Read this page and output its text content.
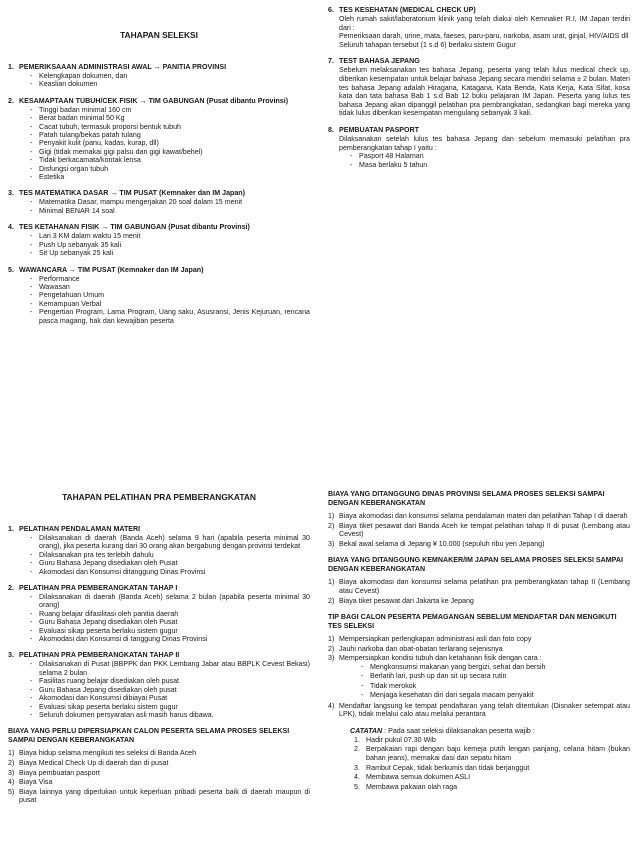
TAHAPAN SELEKSI
1. PEMERIKSAAAN ADMINISTRASI AWAL → PANITIA PROVINSI
- Kelengkapan dokumen, dan
- Keaslian dokumen
2. KESAMAPTAAN TUBUH/CEK FISIK → TIM GABUNGAN (Pusat dibantu Provinsi)
- Tinggi badan minimal 160 cm
- Berat badan minimal 50 Kg
- Cacat tubuh, termasuk proporsi bentuk tubuh
- Patah tulang/bekas patah tulang
- Penyakit kulit (panu, kadas, kurap, dll)
- Gigi (tidak memakai gigi palsu dan gigi kawat/behel)
- Tidak berkacamata/kontak lensa
- Disfungsi organ tubuh
- Estetika
3. TES MATEMATIKA DASAR → TIM PUSAT (Kemnaker dan IM Japan)
- Matematika Dasar, mampu mengerjakan 20 soal dalam 15 menit
- Minimal BENAR 14 soal
4. TES KETAHANAN FISIK → TIM GABUNGAN (Pusat dibantu Provinsi)
- Lari 3 KM dalam waktu 15 menit
- Push Up sebanyak 35 kali
- Sit Up sebanyak 25 kali
5. WAWANCARA → TIM PUSAT (Kemnaker dan IM Japan)
- Performance
- Wawasan
- Pengetahuan Umum
- Kemampuan Verbal
- Pengertian Program, Lama Program, Uang saku, Asusransi, Jenis Kejuruan, rencana pasca magang, hak dan kewajiban peserta
6. TES KESEHATAN (MEDICAL CHECK UP)
Oleh rumah sakit/laboratorium klinik yang telah diakui oleh Kemnaker R.I, IM Japan terdiri dari :
Pemeriksaan darah, urine, mata, faeses, paru-paru, narkoba, asam urat, ginjal, HIV/AIDS dll
Seluruh tahapan tersebut (1 s.d 6) berlaku sistem Gugur
7. TEST BAHASA JEPANG
Sebelum melaksanakan tes bahasa Jepang, peserta yang telah lulus medical check up, diberikan kesempatan untuk belajar bahasa Jepang secara mendiri selama ± 2 bulan. Materi tes bahasa Jepang adalah Hiragana, Katagana, Kata Benda, Kata Kerja, Kata Sifat, kosa kata dan tata bahasa Bab 1 s.d Bab 12 buku pelajaran IM Japan. Peserta yang lulus tes bahasa Jepang akan dipanggil pelatihan pra pembrangkatan, sedangkan bagi mereka yang tidak lulus diberikan kesempatan mengulang sebanyak 3 kali.
8. PEMBUATAN PASPORT
Dilaksanakan setelah lulus tes bahasa Jepang dan sebelum memasuki pelatihan pra pemberangkatan tahap I yaitu :
- Pasport 48 Halaman
- Masa berlaku 5 tahun
TAHAPAN PELATIHAN PRA PEMBERANGKATAN
1. PELATIHAN PENDALAMAN MATERI
- Dilaksanakan di daerah (Banda Aceh) selama 9 hari (apabila peserta minimal 30 orang), jika peserta kurang dari 30 orang akan bergabung dengan provinsi terdekat
- Dilaksanakan pra tes terlebih dahulu
- Guru Bahasa Jepang disediakan oleh Pusat
- Akomodasi dan Konsumsi ditanggung Dinas Provinsi
2. PELATIHAN PRA PEMBERANGKATAN TAHAP I
- Dilaksanakan di daerah (Banda Aceh) selama 2 bulan (apabila peserta minimal 30 orang)
- Ruang belajar difasilitasi oleh panitia daerah
- Guru Bahasa Jepang disediakan oleh Pusat
- Evaluasi sikap peserta berlaku sistem gugur
- Akomodasi dan Konsumsi di tanggung Dinas Provinsi
3. PELATIHAN PRA PEMBERANGKATAN TAHAP II
- Dilaksanakan di Pusat (BBPPK dan PKK Lembang Jabar atau BBPLK Cevest Bekasi) selama 2 bulan
- Fasilitas ruang belajar disediakan oleh pusat
- Guru Bahasa Jepang disediakan oleh pusat
- Akomodasi dan Konsumsi dibiayai Pusat
- Evaluasi sikap peserta berlaku sistem gugur
- Seluruh dokumen persyaratan asli masih harus dibawa.
BIAYA YANG PERLU DIPERSIAPKAN CALON PESERTA SELAMA PROSES SELEKSI SAMPAI DENGAN KEBERANGKATAN
1) Biaya hidup selama mengikuti tes seleksi di Banda Aceh
2) Biaya Medical Check Up di daerah dan di pusat
3) Biaya pembuatan pasport
4) Biaya Visa
5) Biaya lainnya yang diperlukan untuk keperluan pribadi peserta baik di daerah maupun di pusat
BIAYA YANG DITANGGUNG DINAS PROVINSI SELAMA PROSES SELEKSI SAMPAI DENGAN KEBERANGKATAN
1) Biaya akomodasi dan konsumsi selama pendalaman materi dan pelatihan Tahap I di daerah
2) Biaya tiket pesawat dari Banda Aceh ke tempat pelatihan tahap II di pusat (Lembang atau Cevest)
3) Bekal awal selama di Jepang ¥ 10.000 (sepuluh ribu yen Jepang)
BIAYA YANG DITANGGUNG KEMNAKER/IM JAPAN SELAMA PROSES SELEKSI SAMPAI DENGAN KEBERANGKATAN
1) Biaya akomodasi dan konsumsi selama pelatihan pra pemberangkatan tahap II (Lembang atau Cevest)
2) Biaya tiket pesawat dari Jakarta ke Jepang
TIP BAGI CALON PESERTA PEMAGANGAN SEBELUM MENDAFTAR DAN MENGIKUTI TES SELEKSI
1) Mempersiapkan perlengkapan administrasi asli dan foto copy
2) Jauhi narkoba dan obat-obatan terlarang sejenisnya
3) Mempersiapkan kondisi tubuh dan ketahanan fisik dengan cara :
- Mengkonsumsi makanan yang bergizi, sehat dan bersih
- Berlatih lari, push up dan sit up secara rutin
- Tidak merokok
- Menjaga kesehatan diri dari segala macam penyakit
4) Mendaftar langsung ke tempat pendaftaran yang telah ditentukan (Disnaker setempat atau LPK), tidak melalui calo atau melalui perantara
CATATAN : Pada saat seleksi dilaksanakan peserta wajib :
1. Hadir pukul 07.30 Wib
2. Berpakaian rapi dengan baju kemeja putih lengan panjang, celana hitam (bukan bahan jeans), memakai dasi dan sepatu hitam
3. Rambut Cepak, tidak berkumis dan tidak berjanggut
4. Membawa semua dokumen ASLI
5. Membawa pakaian olah raga
